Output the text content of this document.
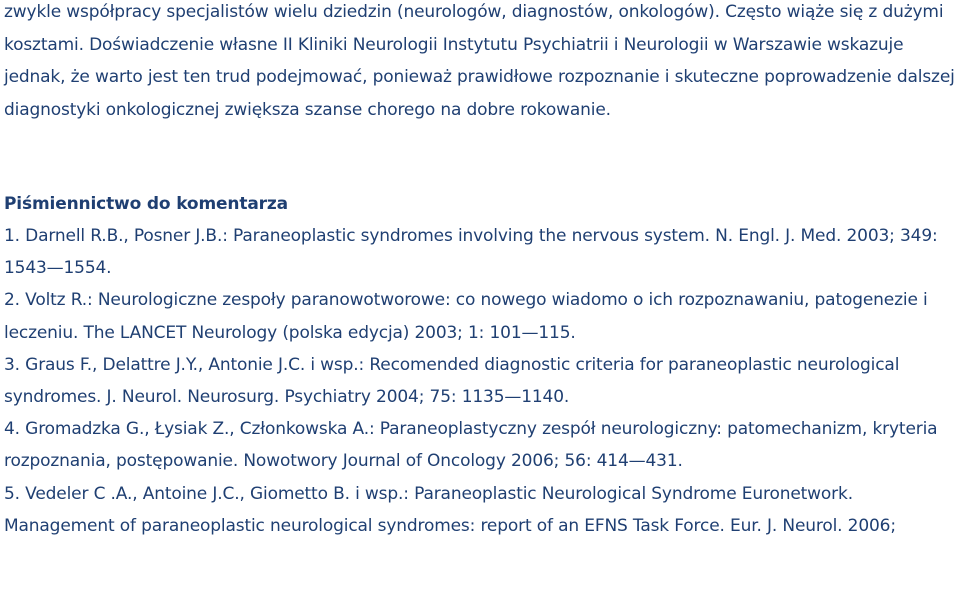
zwykle współpracy specjalistów wielu dziedzin (neurologów, diagnostów, onkologów). Często wiąże się z dużymi kosztami. Doświadczenie własne II Kliniki Neurologii Instytutu Psychiatrii i Neurologii w Warszawie wskazuje jednak, że warto jest ten trud podejmować, ponieważ prawidłowe rozpoznanie i skuteczne poprowadzenie dalszej diagnostyki onkologicznej zwiększa szanse chorego na dobre rokowanie.

Piśmiennictwo do komentarza
1. Darnell R.B., Posner J.B.: Paraneoplastic syndromes involving the nervous system. N. Engl. J. Med. 2003; 349: 1543—1554.
2. Voltz R.: Neurologiczne zespoły paranowotworowe: co nowego wiadomo o ich rozpoznawaniu, patogenezie i leczeniu. The LANCET Neurology (polska edycja) 2003; 1: 101—115.
3. Graus F., Delattre J.Y., Antonie J.C. i wsp.: Recomended diagnostic criteria for paraneoplastic neurological syndromes. J. Neurol. Neurosurg. Psychiatry 2004; 75: 1135—1140.
4. Gromadzka G., Łysiak Z., Członkowska A.: Paraneoplastyczny zespół neurologiczny: patomechanizm, kryteria rozpoznania, postępowanie. Nowotwory Journal of Oncology 2006; 56: 414—431.
5. Vedeler C .A., Antoine J.C., Giometto B. i wsp.: Paraneoplastic Neurological Syndrome Euronetwork. Management of paraneoplastic neurological syndromes: report of an EFNS Task Force. Eur. J. Neurol. 2006;
